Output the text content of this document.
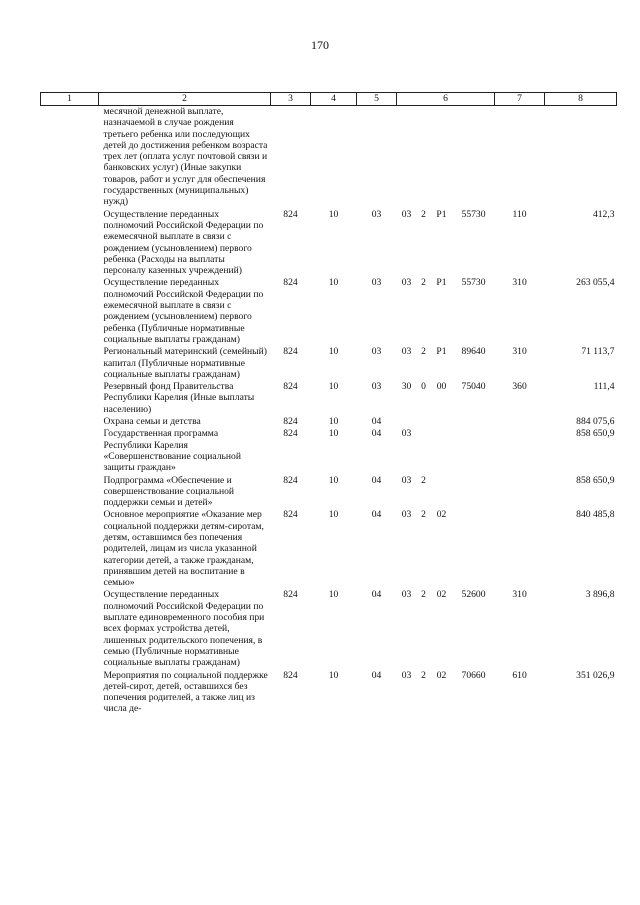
170
1	2	3	4	5	6				7	8
	месячной денежной выплате, назначаемой в случае рождения третьего ребенка или последующих детей до достижения ребенком возраста трех лет (оплата услуг почтовой связи и банковских услуг) (Иные закупки товаров, работ и услуг для обеспечения государственных (муниципальных) нужд)									
	Осуществление переданных полномочий Российской Федерации по ежемесячной выплате в связи с рождением (усыновлением) первого ребенка (Расходы на выплаты персоналу казенных учреждений)	824	10	03	03	2	P1	55730	110	412,3
	Осуществление переданных полномочий Российской Федерации по ежемесячной выплате в связи с рождением (усыновлением) первого ребенка (Публичные нормативные социальные выплаты гражданам)	824	10	03	03	2	P1	55730	310	263 055,4
	Региональный материнский (семейный) капитал (Публичные нормативные социальные выплаты гражданам)	824	10	03	03	2	P1	89640	310	71 113,7
	Резервный фонд Правительства Республики Карелия (Иные выплаты населению)	824	10	03	30	0	00	75040	360	111,4
	Охрана семьи и детства	824	10	04						884 075,6
	Государственная программа Республики Карелия «Совершенствование социальной защиты граждан»	824	10	04	03					858 650,9
	Подпрограмма «Обеспечение и совершенствование социальной поддержки семьи и детей»	824	10	04	03	2				858 650,9
	Основное мероприятие «Оказание мер социальной поддержки детям-сиротам, детям, оставшимся без попечения родителей, лицам из числа указанной категории детей, а также гражданам, принявшим детей на воспитание в семью»	824	10	04	03	2	02			840 485,8
	Осуществление переданных полномочий Российской Федерации по выплате единовременного пособия при всех формах устройства детей, лишенных родительского попечения, в семью (Публичные нормативные социальные выплаты гражданам)	824	10	04	03	2	02	52600	310	3 896,8
	Мероприятия по социальной поддержке детей-сирот, детей, оставшихся без попечения родителей, а также лиц из числа де-	824	10	04	03	2	02	70660	610	351 026,9
